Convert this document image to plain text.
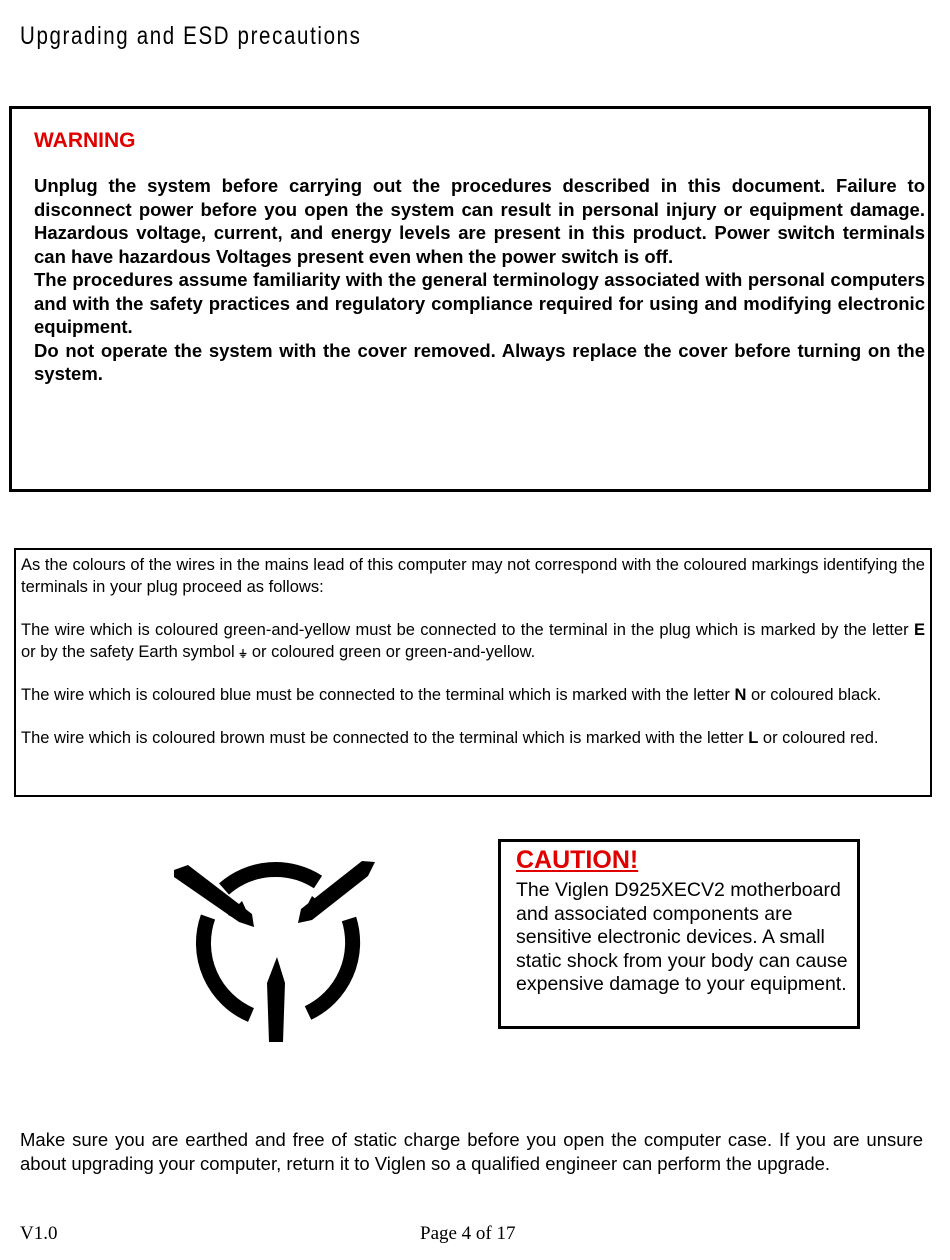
Upgrading and ESD precautions
WARNING

Unplug the system before carrying out the procedures described in this document. Failure to disconnect power before you open the system can result in personal injury or equipment damage. Hazardous voltage, current, and energy levels are present in this product. Power switch terminals can have hazardous Voltages present even when the power switch is off.

The procedures assume familiarity with the general terminology associated with personal computers and with the safety practices and regulatory compliance required for using and modifying electronic equipment.

Do not operate the system with the cover removed. Always replace the cover before turning on the system.

As the colours of the wires in the mains lead of this computer may not correspond with the coloured markings identifying the terminals in your plug proceed as follows:

The wire which is coloured green-and-yellow must be connected to the terminal in the plug which is marked by the letter E or by the safety Earth symbol  or coloured green or green-and-yellow.

The wire which is coloured blue must be connected to the terminal which is marked with the letter N or coloured black.

The wire which is coloured brown must be connected to the terminal which is marked with the letter L or coloured red.

CAUTION!
The Viglen D925XECV2 motherboard and associated components are sensitive electronic devices. A small static shock from your body can cause expensive damage to your equipment.
Make sure you are earthed and free of static charge before you open the computer case. If you are unsure about upgrading your computer, return it to Viglen so a qualified engineer can perform the upgrade.
V1.0	Page 4 of 17
